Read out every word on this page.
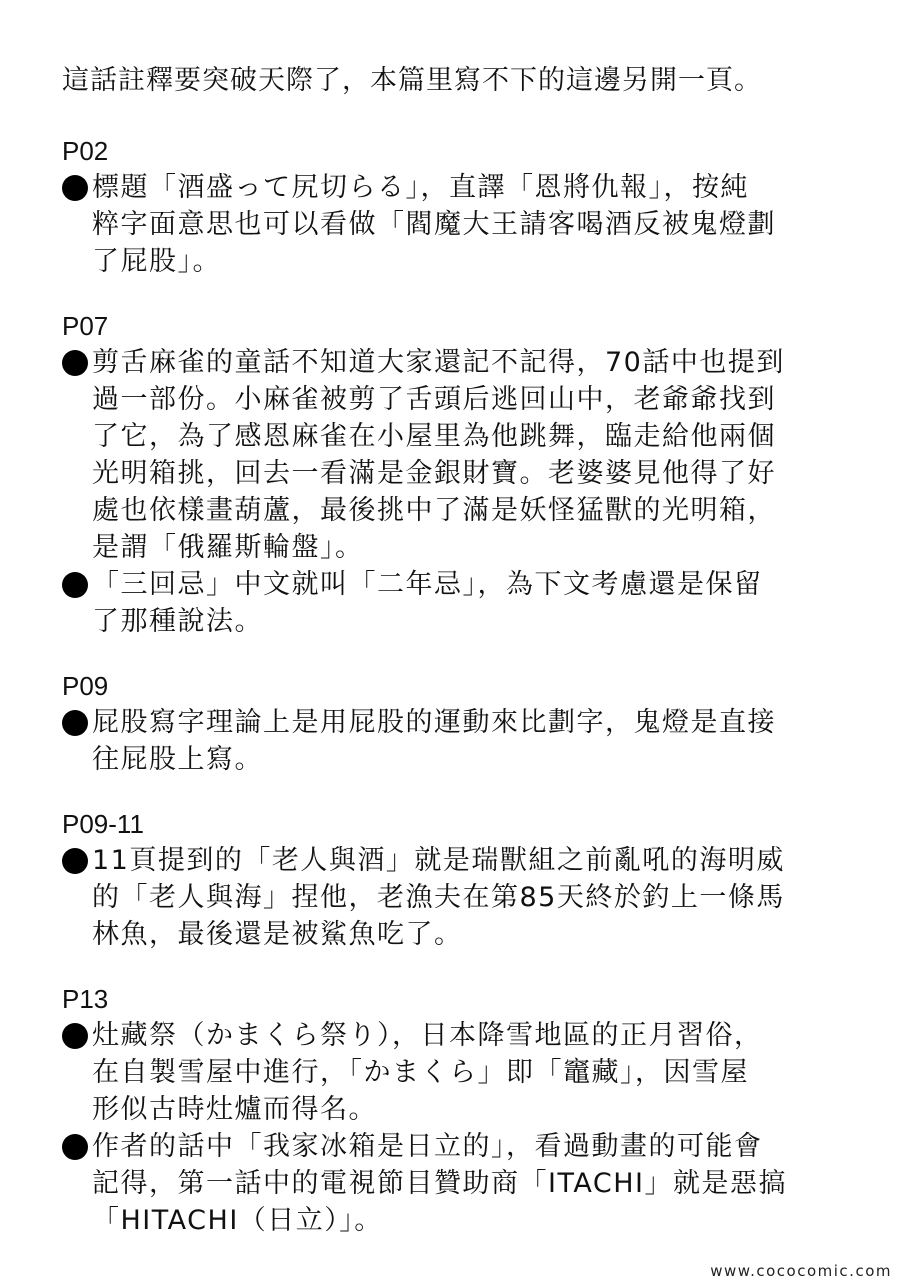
這話註釋要突破天際了，本篇里寫不下的這邊另開一頁。

P02
標題「酒盛って尻切らる」，直譯「恩將仇報」，按純
粹字面意思也可以看做「閻魔大王請客喝酒反被鬼燈劃
了屁股」。
P07
剪舌麻雀的童話不知道大家還記不記得，70話中也提到
過一部份。小麻雀被剪了舌頭后逃回山中，老爺爺找到
了它，為了感恩麻雀在小屋里為他跳舞，臨走給他兩個
光明箱挑，回去一看滿是金銀財寶。老婆婆見他得了好
處也依樣畫葫蘆，最後挑中了滿是妖怪猛獸的光明箱，
是謂「俄羅斯輪盤」。
「三回忌」中文就叫「二年忌」，為下文考慮還是保留
了那種說法。
P09
屁股寫字理論上是用屁股的運動來比劃字，鬼燈是直接
往屁股上寫。
P09-11
11頁提到的「老人與酒」就是瑞獸組之前亂吼的海明威
的「老人與海」捏他，老漁夫在第85天終於釣上一條馬
林魚，最後還是被鯊魚吃了。
P13
灶藏祭（かまくら祭り），日本降雪地區的正月習俗，
在自製雪屋中進行，「かまくら」即「竈藏」，因雪屋
形似古時灶爐而得名。
作者的話中「我家冰箱是日立的」，看過動畫的可能會
記得，第一話中的電視節目贊助商「ITACHI」就是惡搞
「HITACHI（日立）」。
www.cococomic.com
